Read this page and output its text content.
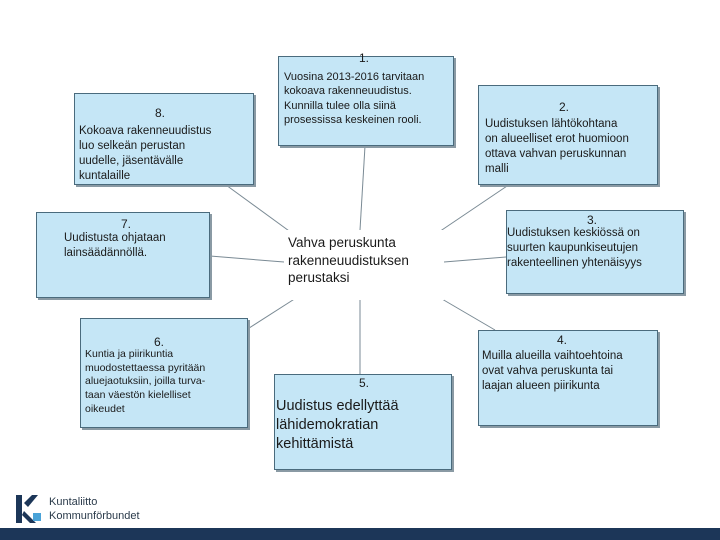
1.
Vuosina 2013-2016 tarvitaan
kokoava rakenneuudistus.
Kunnilla tulee olla siinä
prosessissa keskeinen rooli.
2.
Uudistuksen lähtökohtana
on alueelliset erot huomioon
ottava vahvan peruskunnan
malli
3.
Uudistuksen keskiössä on
suurten kaupunkiseutujen
rakenteellinen yhtenäisyys
4.
Muilla alueilla vaihtoehtoina
ovat vahva peruskunta tai
laajan alueen piirikunta
5.
Uudistus edellyttää
lähidemokratian
kehittämistä
6.
Kuntia ja piirikuntia
muodostettaessa pyritään
aluejaotuksiin, joilla turva-
taan väestön kielelliset
oikeudet
7.
Uudistusta ohjataan
lainsäädännöllä.
8.
Kokoava rakenneuudistus
luo selkeän perustan
uudelle, jäsentävälle
kuntalaille
Vahva peruskunta
rakenneuudistuksen
perustaksi
Kuntaliitto
Kommunförbundet
2
